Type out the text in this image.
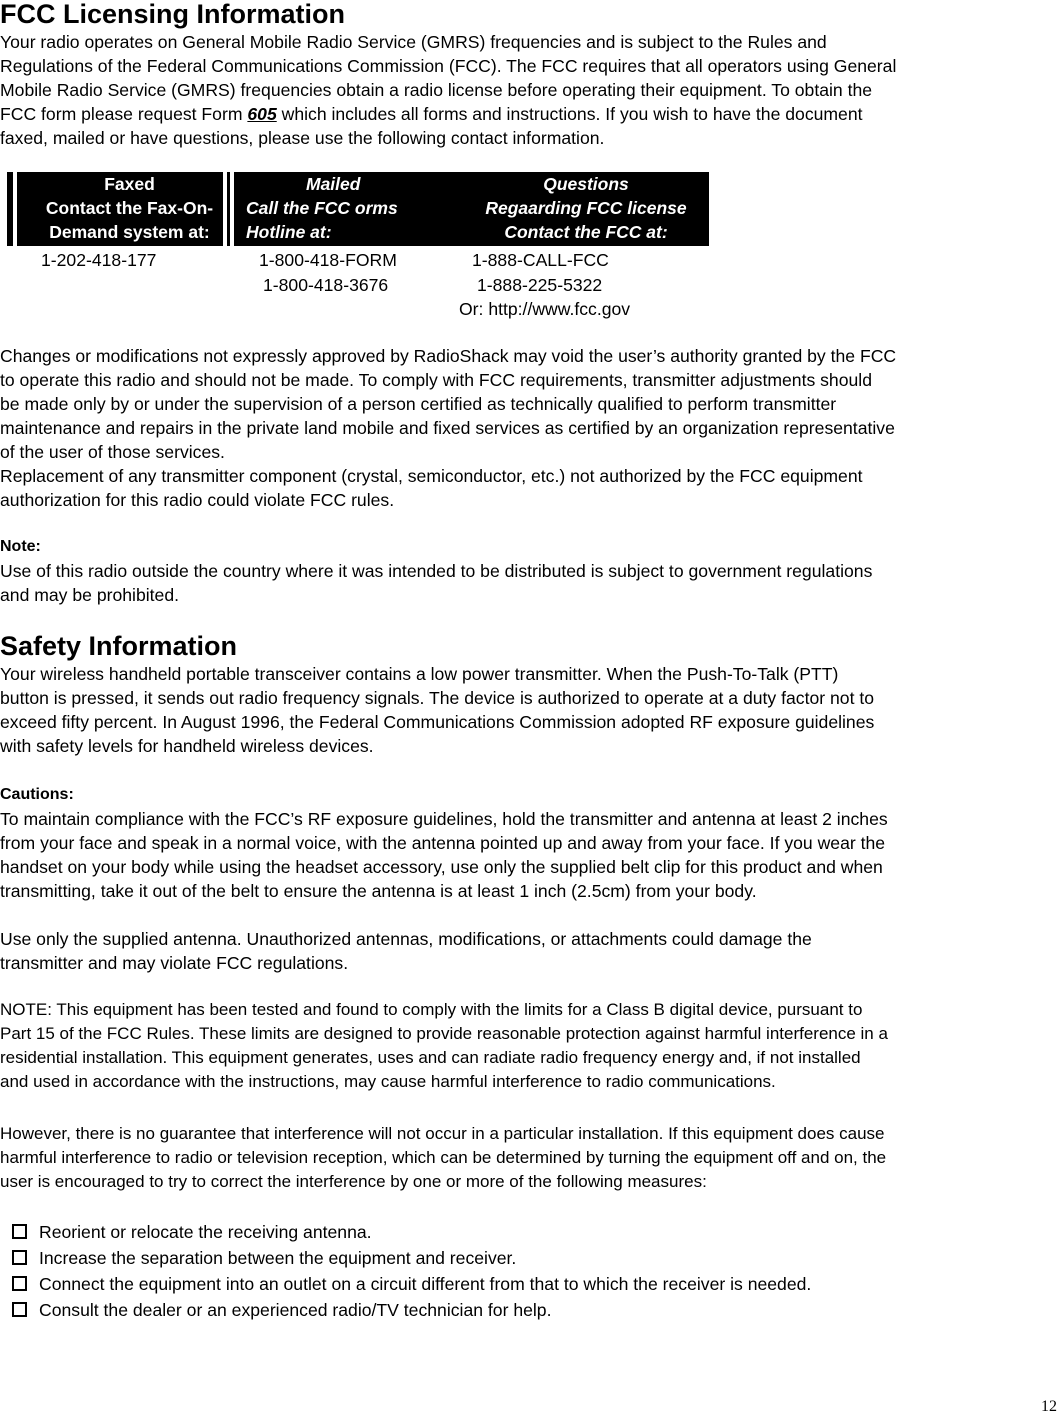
FCC Licensing Information
Your radio operates on General Mobile Radio Service (GMRS) frequencies and is subject to the Rules and
Regulations of the Federal Communications Commission (FCC). The FCC requires that all operators using General
Mobile Radio Service (GMRS) frequencies obtain a radio license before operating their equipment. To obtain the
FCC form please request Form 605 which includes all forms and instructions. If you wish to have the document
faxed, mailed or have questions, please use the following contact information.
Faxed
Contact the Fax-On-
Demand system at:
Mailed
Call the FCC orms
Hotline at:
Questions
Regaarding FCC license
Contact the FCC at:
1-202-418-177	1-800-418-FORM
1-800-418-3676
1-888-CALL-FCC
1-888-225-5322
Or: http://www.fcc.gov
Changes or modifications not expressly approved by RadioShack may void the user’s authority granted by the FCC
to operate this radio and should not be made. To comply with FCC requirements, transmitter adjustments should
be made only by or under the supervision of a person certified as technically qualified to perform transmitter
maintenance and repairs in the private land mobile and fixed services as certified by an organization representative
of the user of those services.
Replacement of any transmitter component (crystal, semiconductor, etc.) not authorized by the FCC equipment
authorization for this radio could violate FCC rules.
Note:
Use of this radio outside the country where it was intended to be distributed is subject to government regulations
and may be prohibited.
Safety Information
Your wireless handheld portable transceiver contains a low power transmitter. When the Push-To-Talk (PTT)
button is pressed, it sends out radio frequency signals. The device is authorized to operate at a duty factor not to
exceed fifty percent. In August 1996, the Federal Communications Commission adopted RF exposure guidelines
with safety levels for handheld wireless devices.
Cautions:
To maintain compliance with the FCC’s RF exposure guidelines, hold the transmitter and antenna at least 2 inches
from your face and speak in a normal voice, with the antenna pointed up and away from your face. If you wear the
handset on your body while using the headset accessory, use only the supplied belt clip for this product and when
transmitting, take it out of the belt to ensure the antenna is at least 1 inch (2.5cm) from your body.
Use only the supplied antenna. Unauthorized antennas, modifications, or attachments could damage the
transmitter and may violate FCC regulations.
NOTE: This equipment has been tested and found to comply with the limits for a Class B digital device, pursuant to
Part 15 of the FCC Rules. These limits are designed to provide reasonable protection against harmful interference in a
residential installation. This equipment generates, uses and can radiate radio frequency energy and, if not installed
and used in accordance with the instructions, may cause harmful interference to radio communications.
However, there is no guarantee that interference will not occur in a particular installation. If this equipment does cause
harmful interference to radio or television reception, which can be determined by turning the equipment off and on, the
user is encouraged to try to correct the interference by one or more of the following measures:
Reorient or relocate the receiving antenna.
Increase the separation between the equipment and receiver.
Connect the equipment into an outlet on a circuit different from that to which the receiver is needed.
Consult the dealer or an experienced radio/TV technician for help.
12
